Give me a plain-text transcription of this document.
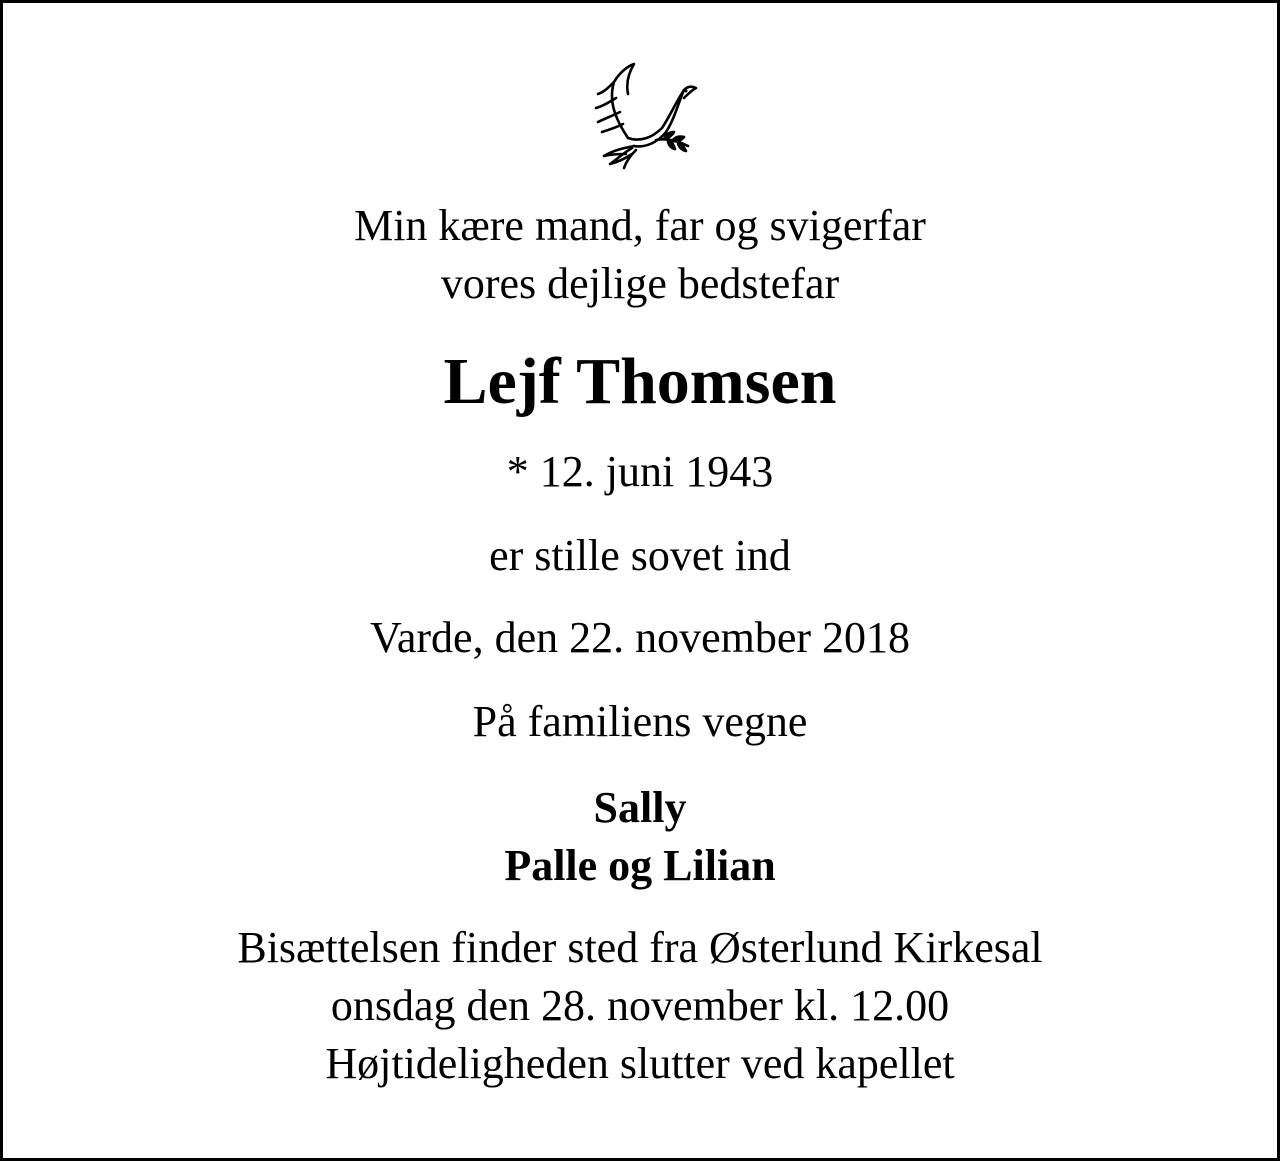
Min kære mand, far og svigerfar
vores dejlige bedstefar
Lejf Thomsen
* 12. juni 1943
er stille sovet ind
Varde, den 22. november 2018
På familiens vegne
Sally
Palle og Lilian
Bisættelsen finder sted fra Østerlund Kirkesal
onsdag den 28. november kl. 12.00
Højtideligheden slutter ved kapellet
